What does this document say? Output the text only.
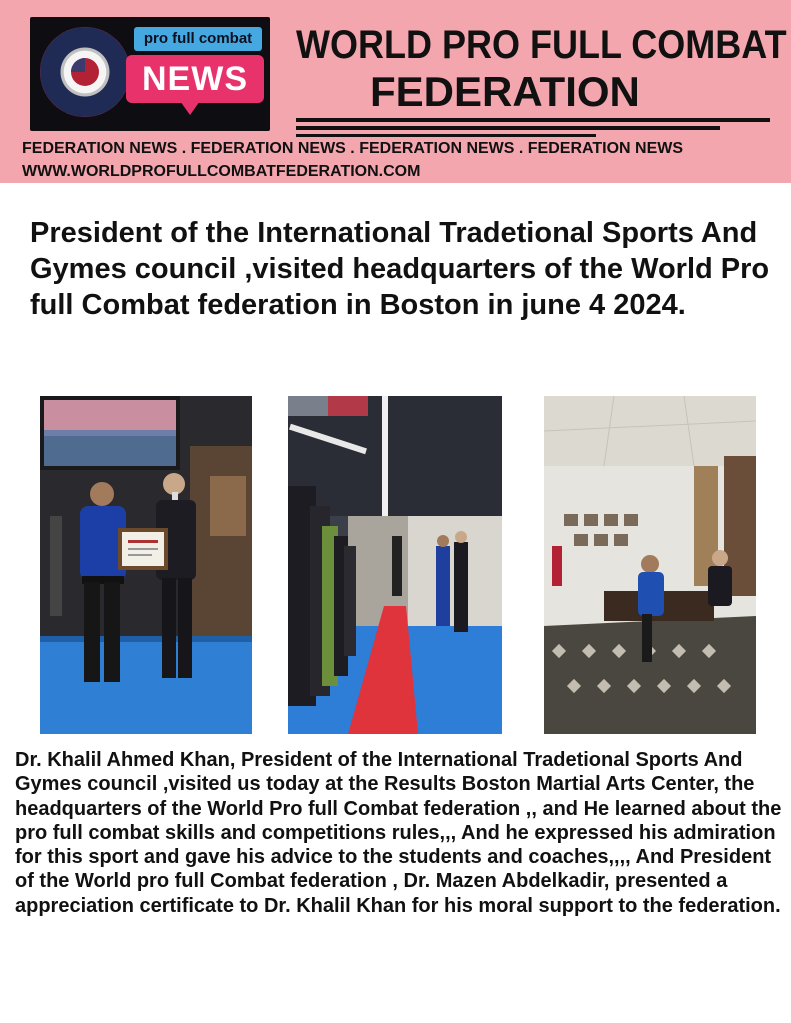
pro full combat
NEWS
WORLD PRO FULL COMBAT
FEDERATION
FEDERATION NEWS . FEDERATION NEWS . FEDERATION NEWS . FEDERATION NEWS
WWW.WORLDPROFULLCOMBATFEDERATION.COM
President of the International Tradetional Sports And Gymes council ,visited headquarters of the World Pro full Combat federation in Boston in june 4 2024.
Dr. Khalil Ahmed Khan, President of the International Tradetional Sports And Gymes council ,visited us today at the Results Boston Martial Arts Center, the headquarters of the World Pro full Combat federation ,, and He learned about the pro full combat skills and competitions rules,,, And he expressed his admiration for this sport and gave his advice to the students and coaches,,,, And President of the World pro full Combat federation , Dr. Mazen Abdelkadir, presented a appreciation certificate to Dr. Khalil Khan for his moral support to the federation.
